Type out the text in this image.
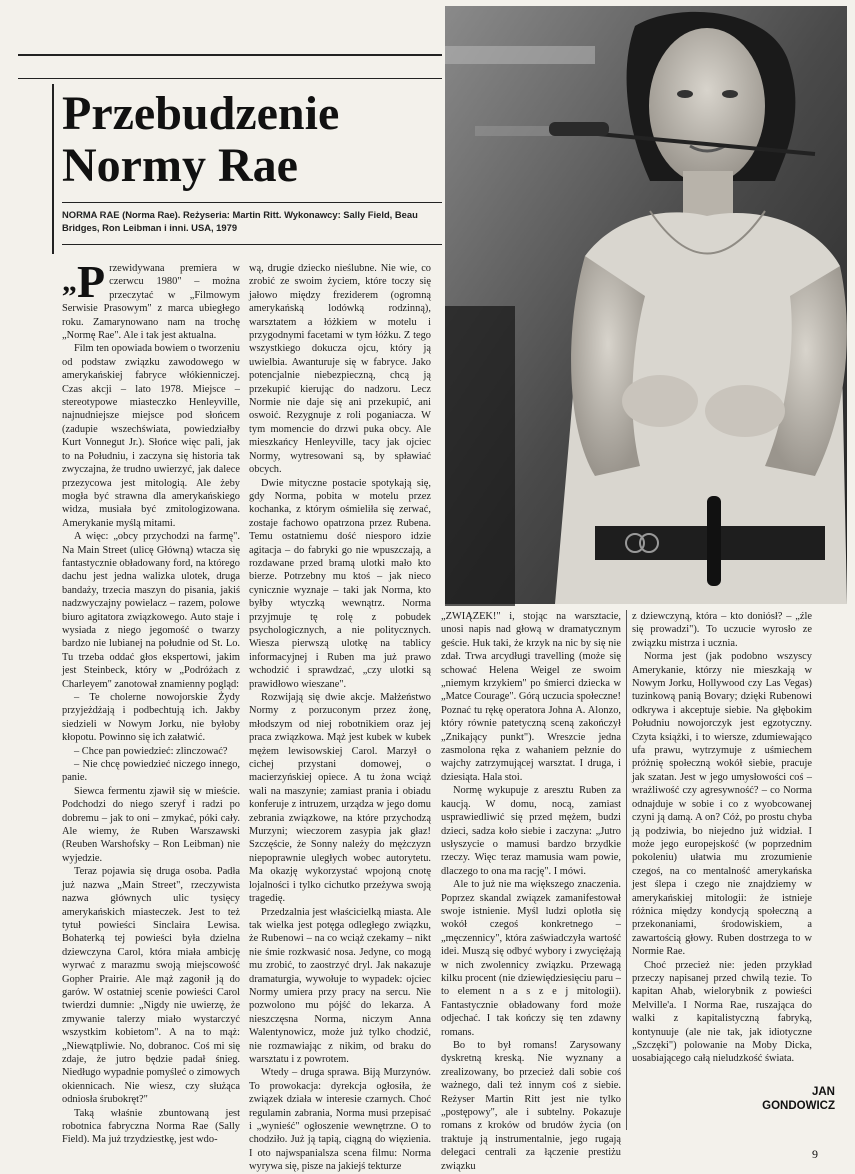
Przebudzenie
Normy Rae
NORMA RAE (Norma Rae). Reżyseria: Martin Ritt. Wykonawcy: Sally Field, Beau Bridges, Ron Leibman i inni. USA, 1979

„ P rzewidywana premiera w czerwcu 1980" – można przeczytać w „Filmowym Serwisie Prasowym" z marca ubiegłego roku. Zamarynowano nam na trochę „Normę Rae". Ale i tak jest aktualna.

Film ten opowiada bowiem o tworzeniu od podstaw związku zawodowego w amerykańskiej fabryce włókienniczej. Czas akcji – lato 1978. Miejsce – stereotypowe miasteczko Henleyville, najnudniejsze miejsce pod słońcem (zadupie wszechświata, powiedziałby Kurt Vonnegut Jr.). Słońce więc pali, jak to na Południu, i zaczyna się historia tak zwyczajna, że trudno uwierzyć, jak dalece przezycowa jest mitologią. Ale żeby mogła być strawna dla amerykańskiego widza, musiała być zmitologizowana. Amerykanie myślą mitami.

A więc: „obcy przychodzi na farmę". Na Main Street (ulicę Główną) wtacza się fantastycznie obładowany ford, na którego dachu jest jedna walizka ulotek, druga bandaży, trzecia maszyn do pisania, jakiś nadzwyczajny powielacz – razem, polowe biuro agitatora związkowego. Auto staje i wysiada z niego jegomość o twarzy bardzo nie lubianej na południe od St. Lo. Tu trzeba oddać głos ekspertowi, jakim jest Steinbeck, który w „Podróżach z Charleyem" zanotował znamienny pogląd:

– Te cholerne nowojorskie Żydy przyjeżdżają i podbechtują ich. Jakby siedzieli w Nowym Jorku, nie byłoby kłopotu. Powinno się ich załatwić.

– Chce pan powiedzieć: zlinczować?

– Nie chcę powiedzieć niczego innego, panie.

Siewca fermentu zjawił się w mieście. Podchodzi do niego szeryf i radzi po dobremu – jak to oni – zmykać, póki cały. Ale wiemy, że Ruben Warszawski (Reuben Warshofsky – Ron Leibman) nie wyjedzie.

Teraz pojawia się druga osoba. Padła już nazwa „Main Street", rzeczywista nazwa głównych ulic tysięcy amerykańskich miasteczek. Jest to też tytuł powieści Sinclaira Lewisa. Bohaterką tej powieści była dzielna dziewczyna Carol, która miała ambicję wyrwać z marazmu swoją miejscowość Gopher Prairie. Ale mąż zagonił ją do garów. W ostatniej scenie powieści Carol twierdzi dumnie: „Nigdy nie uwierzę, że zmywanie talerzy miało wystarczyć wszystkim kobietom". A na to mąż: „Niewątpliwie. No, dobranoc. Coś mi się zdaje, że jutro będzie padał śnieg. Niedługo wypadnie pomyśleć o zimowych okiennicach. Nie wiesz, czy służąca odniosła śrubokręt?"

Taką właśnie zbuntowaną jest robotnica fabryczna Norma Rae (Sally Field). Ma już trzydziestkę, jest wdo-

wą, drugie dziecko nieślubne. Nie wie, co zrobić ze swoim życiem, które toczy się jałowo między freziderem (ogromną amerykańską lodówką rodzinną), warsztatem a łóżkiem w motelu i przygodnymi facetami w tym łóżku. Z tego wszystkiego dokucza ojcu, który ją uwielbia. Awanturuje się w fabryce. Jako potencjalnie niebezpieczną, chcą ją przekupić kierując do nadzoru. Lecz Normie nie daje się ani przekupić, ani oswoić. Rezygnuje z roli poganiacza. W tym momencie do drzwi puka obcy. Ale mieszkańcy Henleyville, tacy jak ojciec Normy, wytresowani są, by spławiać obcych.

Dwie mityczne postacie spotykają się, gdy Norma, pobita w motelu przez kochanka, z którym ośmieliła się zerwać, zostaje fachowo opatrzona przez Rubena. Temu ostatniemu dość niesporo idzie agitacja – do fabryki go nie wpuszczają, a rozdawane przed bramą ulotki mało kto bierze. Potrzebny mu ktoś – jak nieco cynicznie wyznaje – taki jak Norma, kto byłby wtyczką wewnątrz. Norma przyjmuje tę rolę z pobudek psychologicznych, a nie politycznych. Wiesza pierwszą ulotkę na tablicy informacyjnej i Ruben ma już prawo wchodzić i sprawdzać, „czy ulotki są prawidłowo wieszane".

Rozwijają się dwie akcje. Małżeństwo Normy z porzuconym przez żonę, młodszym od niej robotnikiem oraz jej praca związkowa. Mąż jest kubek w kubek mężem lewisowskiej Carol. Marzył o cichej przystani domowej, o macierzyńskiej opiece. A tu żona wciąż wali na maszynie; zamiast prania i obiadu konferuje z intruzem, urządza w jego domu zebrania związkowe, na które przychodzą Murzyni; wieczorem zasypia jak głaz! Szczęście, że Sonny należy do mężczyzn niepoprawnie uległych wobec autorytetu. Ma okazję wykorzystać wpojoną cnotę lojalności i tylko cichutko przeżywa swoją tragedię.

Przedzalnia jest właścicielką miasta. Ale tak wielka jest potęga odległego związku, że Rubenowi – na co wciąż czekamy – nikt nie śmie rozkwasić nosa. Jedyne, co mogą mu zrobić, to zaostrzyć dryl. Jak nakazuje dramaturgia, wywołuje to wypadek: ojciec Normy umiera przy pracy na sercu. Nie pozwolono mu pójść do lekarza. A nieszczęsna Norma, niczym Anna Walentynowicz, może już tylko chodzić, nie rozmawiając z nikim, od braku do warsztatu i z powrotem.

Wtedy – druga sprawa. Biją Murzynów. To prowokacja: dyrekcja ogłosiła, że związek działa w interesie czarnych. Choć regulamin zabrania, Norma musi przepisać i „wynieść" ogłoszenie wewnętrzne. O to chodziło. Już ją tapią, ciągną do więzienia. I oto najwspanialsza scena filmu: Norma wyrywa się, pisze na jakiejś tekturze

„ZWIĄZEK!" i, stojąc na warsztacie, unosi napis nad głową w dramatycznym geście. Huk taki, że krzyk na nic by się nie zdał. Trwa arcydługi travelling (może się schować Helena Weigel ze swoim „niemym krzykiem" po śmierci dziecka w „Matce Courage". Górą uczucia społeczne! Poznać tu rękę operatora Johna A. Alonzo, który równie patetyczną sceną zakończył „Znikający punkt"). Wreszcie jedna zasmolona ręka z wahaniem pełznie do wajchy zatrzymującej warsztat. I druga, i dziesiąta. Hala stoi.

Normę wykupuje z aresztu Ruben za kaucją. W domu, nocą, zamiast usprawiedliwić się przed mężem, budzi dzieci, sadza koło siebie i zaczyna: „Jutro usłyszycie o mamusi bardzo brzydkie rzeczy. Więc teraz mamusia wam powie, dlaczego to ona ma rację". I mówi.

Ale to już nie ma większego znaczenia. Poprzez skandal związek zamanifestował swoje istnienie. Myśl ludzi oplotła się wokół czegoś konkretnego – „męczennicy", która zaświadczyła wartość idei. Muszą się odbyć wybory i zwyciężają w nich zwolennicy związku. Przewagą kilku procent (nie dziewiędziesięciu paru – to element n a s z e j mitologii). Fantastycznie obładowany ford może odjechać. I tak kończy się ten zdawny romans.

Bo to był romans! Zarysowany dyskretną kreską. Nie wyznany a zrealizowany, bo przecież dali sobie coś ważnego, dali też innym coś z siebie. Reżyser Martin Ritt jest nie tylko „postępowy", ale i subtelny. Pokazuje romans z kroków od brudów życia (on traktuje ją instrumentalnie, jego rugają delegaci centrali za łączenie prestiżu związku

z dziewczyną, która – kto doniósł? – „źle się prowadzi"). To uczucie wyrosło ze związku mistrza i ucznia.

Norma jest (jak podobno wszyscy Amerykanie, którzy nie mieszkają w Nowym Jorku, Hollywood czy Las Vegas) tuzinkową panią Bovary; dzięki Rubenowi odkrywa i akceptuje siebie. Na głębokim Południu nowojorczyk jest egzotyczny. Czyta książki, i to wiersze, zdumiewająco ufa prawu, wytrzymuje z uśmiechem próżnię społeczną wokół siebie, pracuje jak szatan. Jest w jego umysłowości coś – wrażliwość czy agresywność? – co Norma odnajduje w sobie i co z wyobcowanej czyni ją damą. A on? Cóż, po prostu chyba ją podziwia, bo niejedno już widział. I może jego europejskość (w poprzednim pokoleniu) ułatwia mu zrozumienie czegoś, na co mentalność amerykańska jest ślepa i czego nie znajdziemy w amerykańskiej mitologii: że istnieje różnica między kondycją społeczną a przekonaniami, środowiskiem, a zawartością głowy. Ruben dostrzega to w Normie Rae.

Choć przecież nie: jeden przykład przeczy napisanej przed chwilą tezie. To kapitan Ahab, wielorybnik z powieści Melville'a. I Norma Rae, ruszająca do walki z kapitalistyczną fabryką, kontynuuje (ale nie tak, jak idiotyczne „Szczęki") polowanie na Moby Dicka, uosabiającego całą nieludzkość świata.

JAN
GONDOWICZ
9
